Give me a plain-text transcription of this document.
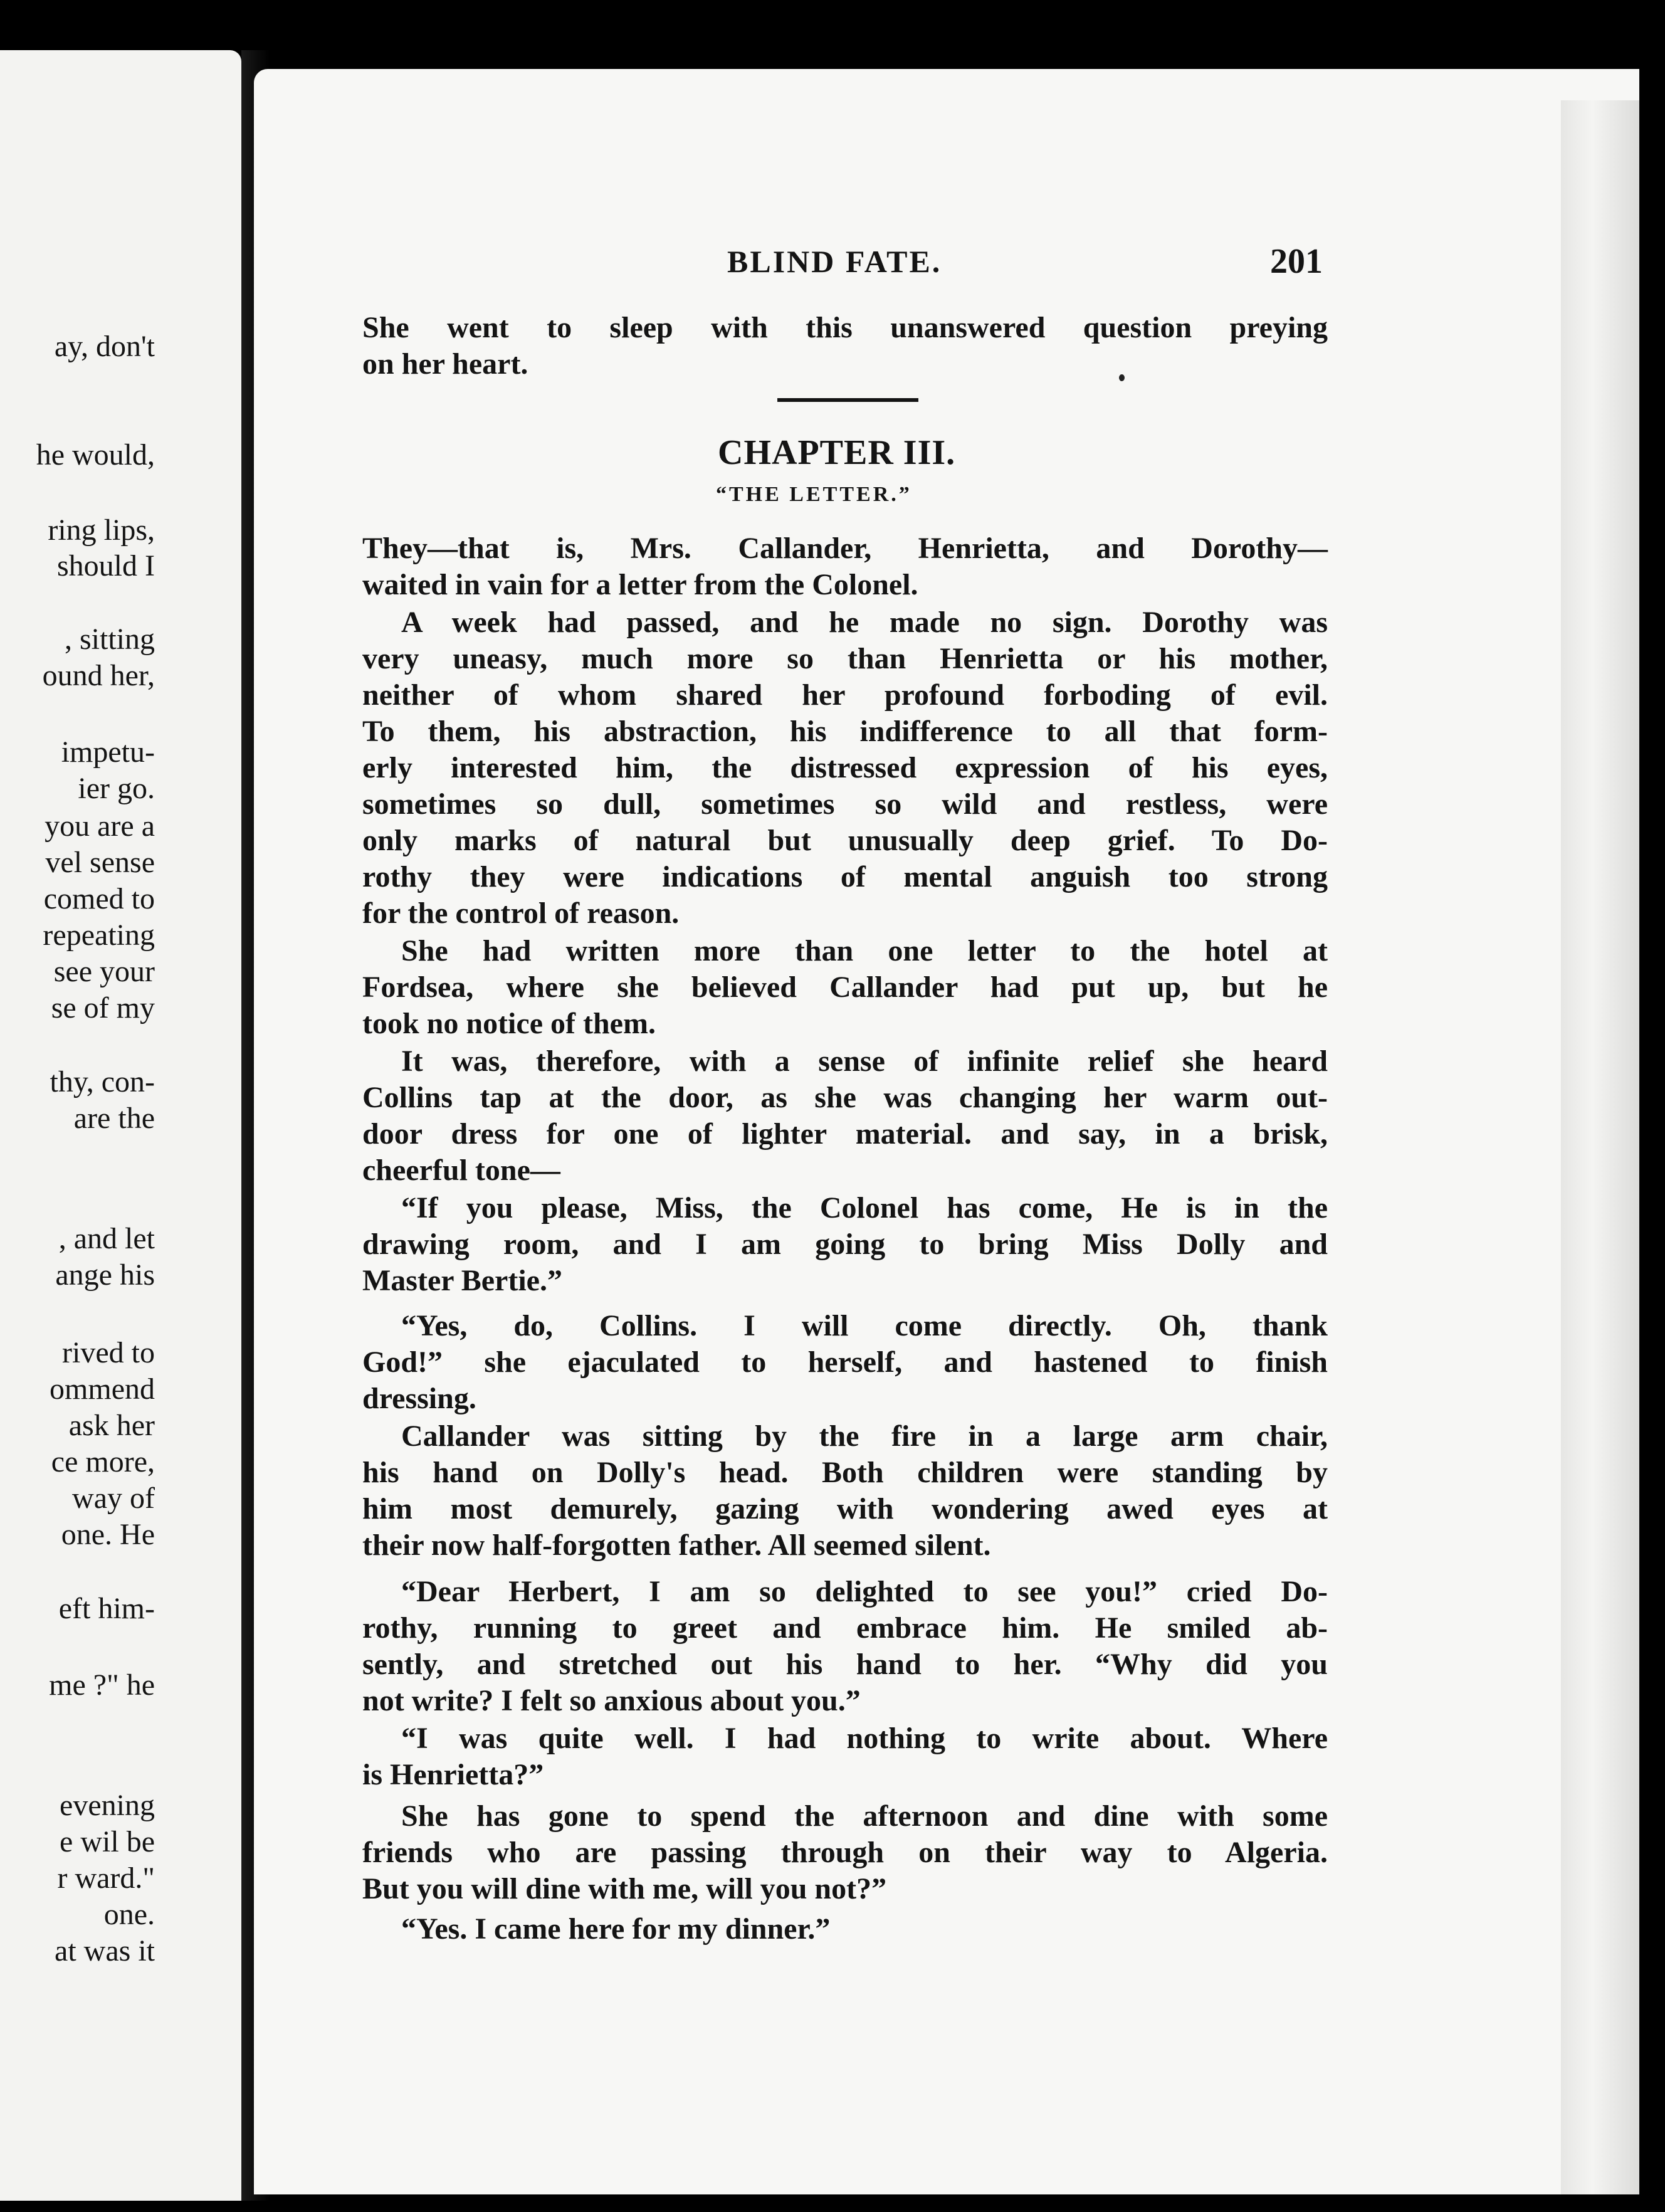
ay, don't
he would,
ring lips,
should I
, sitting
ound her,
impetu-
ier go.
you are a
vel sense
comed to
repeating
see your
se of my
thy, con-
are the
, and let
ange his
rived to
ommend
ask her
ce more,
way of
one. He
eft him-
me ?" he
evening
e wil be
r ward."
one.
at was it
BLIND FATE.	201
She went to sleep with this unanswered question preying
on her heart.
CHAPTER III.
“THE LETTER.”
They—that is, Mrs. Callander, Henrietta, and Dorothy—
waited in vain for a letter from the Colonel.
A week had passed, and he made no sign. Dorothy was
very uneasy, much more so than Henrietta or his mother,
neither of whom shared her profound forboding of evil.
To them, his abstraction, his indifference to all that form-
erly interested him, the distressed expression of his eyes,
sometimes so dull, sometimes so wild and restless, were
only marks of natural but unusually deep grief. To Do-
rothy they were indications of mental anguish too strong
for the control of reason.
She had written more than one letter to the hotel at
Fordsea, where she believed Callander had put up, but he
took no notice of them.
It was, therefore, with a sense of infinite relief she heard
Collins tap at the door, as she was changing her warm out-
door dress for one of lighter material. and say, in a brisk,
cheerful tone—
“If you please, Miss, the Colonel has come, He is in the
drawing room, and I am going to bring Miss Dolly and
Master Bertie.”
“Yes, do, Collins. I will come directly. Oh, thank
God!” she ejaculated to herself, and hastened to finish
dressing.
Callander was sitting by the fire in a large arm chair,
his hand on Dolly's head. Both children were standing by
him most demurely, gazing with wondering awed eyes at
their now half-forgotten father. All seemed silent.
“Dear Herbert, I am so delighted to see you!” cried Do-
rothy, running to greet and embrace him. He smiled ab-
sently, and stretched out his hand to her. “Why did you
not write? I felt so anxious about you.”
“I was quite well. I had nothing to write about. Where
is Henrietta?”
She has gone to spend the afternoon and dine with some
friends who are passing through on their way to Algeria.
But you will dine with me, will you not?”
“Yes. I came here for my dinner.”
